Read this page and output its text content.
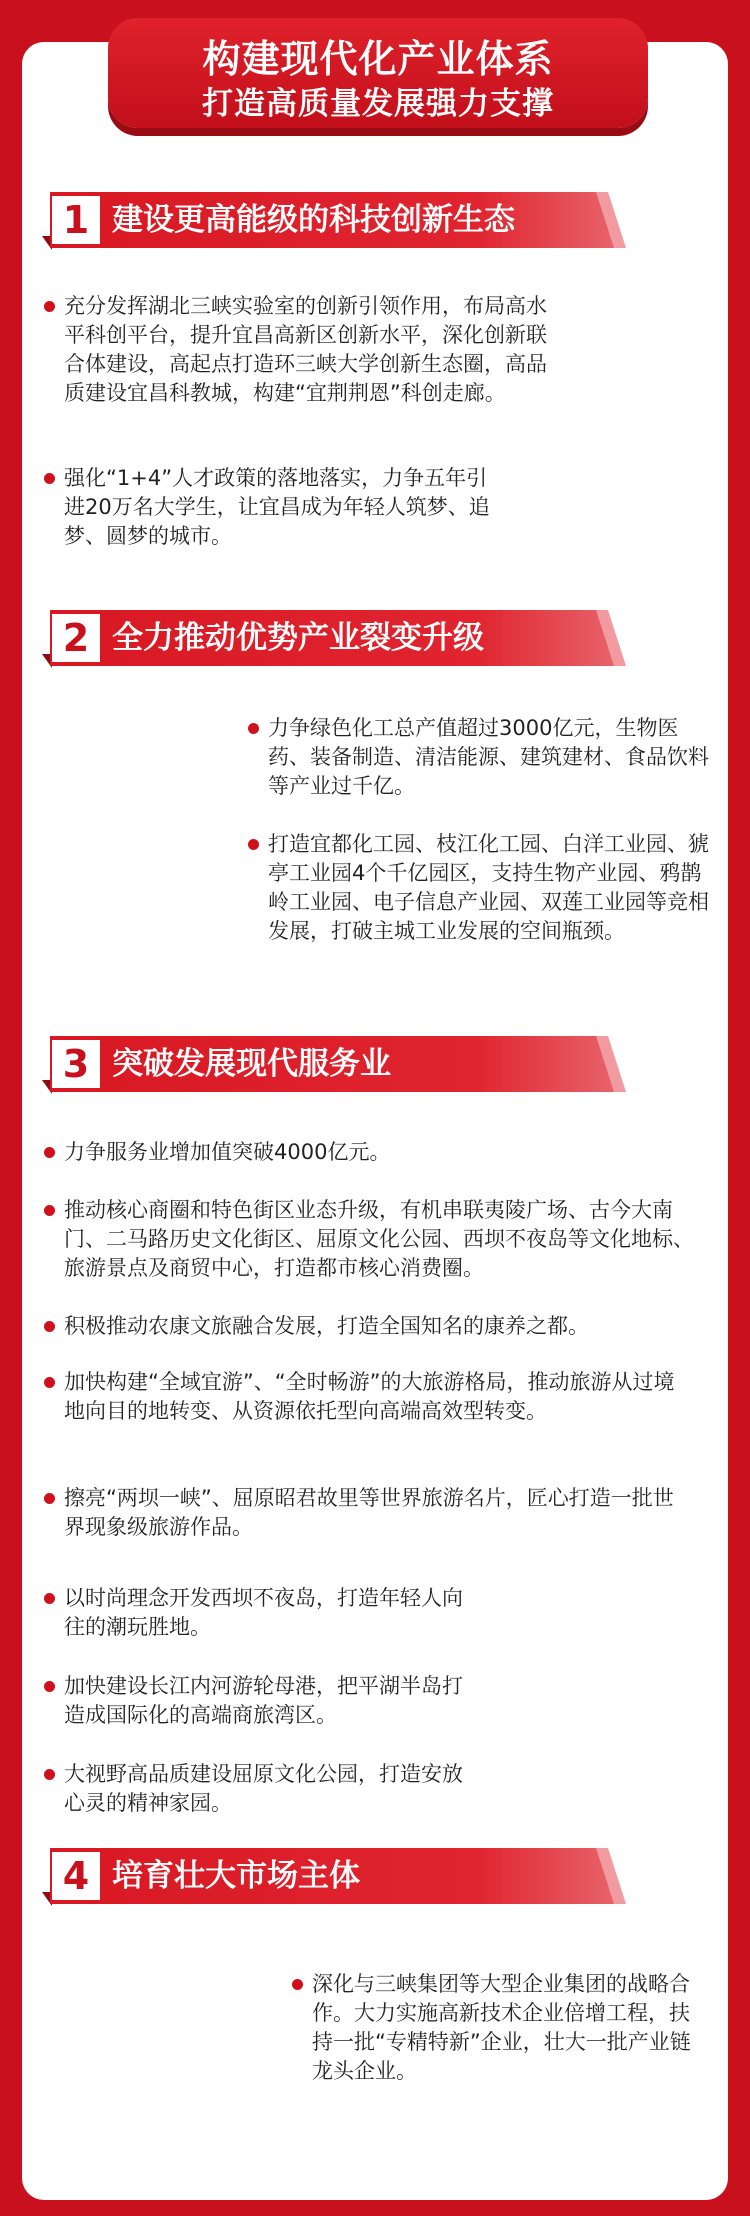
构建现代化产业体系
打造高质量发展强力支撑
1 建设更高能级的科技创新生态
充分发挥湖北三峡实验室的创新引领作用，布局高水平科创平台，提升宜昌高新区创新水平，深化创新联合体建设，高起点打造环三峡大学创新生态圈，高品质建设宜昌科教城，构建“宜荆荆恩”科创走廊。
强化“1+4”人才政策的落地落实，力争五年引进20万名大学生，让宜昌成为年轻人筑梦、追梦、圆梦的城市。
2 全力推动优势产业裂变升级
力争绿色化工总产值超过3000亿元，生物医药、装备制造、清洁能源、建筑建材、食品饮料等产业过千亿。
打造宜都化工园、枝江化工园、白洋工业园、猇亭工业园4个千亿园区，支持生物产业园、鸦鹊岭工业园、电子信息产业园、双莲工业园等竞相发展，打破主城工业发展的空间瓶颈。
3 突破发展现代服务业
力争服务业增加值突破4000亿元。
推动核心商圈和特色街区业态升级，有机串联夷陵广场、古今大南门、二马路历史文化街区、屈原文化公园、西坝不夜岛等文化地标、旅游景点及商贸中心，打造都市核心消费圈。
积极推动农康文旅融合发展，打造全国知名的康养之都。
加快构建“全域宜游”、“全时畅游”的大旅游格局，推动旅游从过境地向目的地转变、从资源依托型向高端高效型转变。
擦亮“两坝一峡”、屈原昭君故里等世界旅游名片，匠心打造一批世界现象级旅游作品。
以时尚理念开发西坝不夜岛，打造年轻人向往的潮玩胜地。
加快建设长江内河游轮母港，把平湖半岛打造成国际化的高端商旅湾区。
大视野高品质建设屈原文化公园，打造安放心灵的精神家园。
4 培育壮大市场主体
深化与三峡集团等大型企业集团的战略合作。大力实施高新技术企业倍增工程，扶持一批“专精特新”企业，壮大一批产业链龙头企业。
